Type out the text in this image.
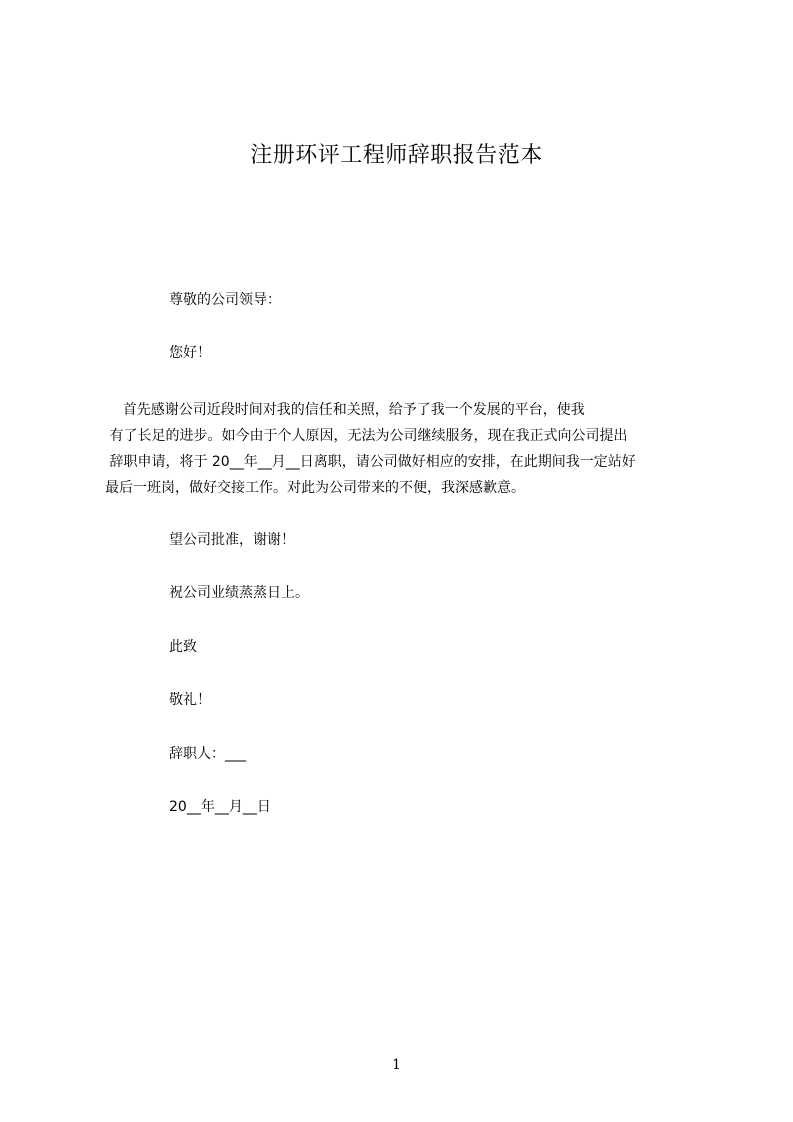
注册环评工程师辞职报告范本
尊敬的公司领导：
您好！
首先感谢公司近段时间对我的信任和关照，给予了我一个发展的平台，使我
有了长足的进步。如今由于个人原因，无法为公司继续服务，现在我正式向公司提出
辞职申请，将于 20__年__月__日离职，请公司做好相应的安排，在此期间我一定站好
最后一班岗，做好交接工作。对此为公司带来的不便，我深感歉意。
望公司批准，谢谢！
祝公司业绩蒸蒸日上。
此致
敬礼！
辞职人：___
20__年__月__日
1
